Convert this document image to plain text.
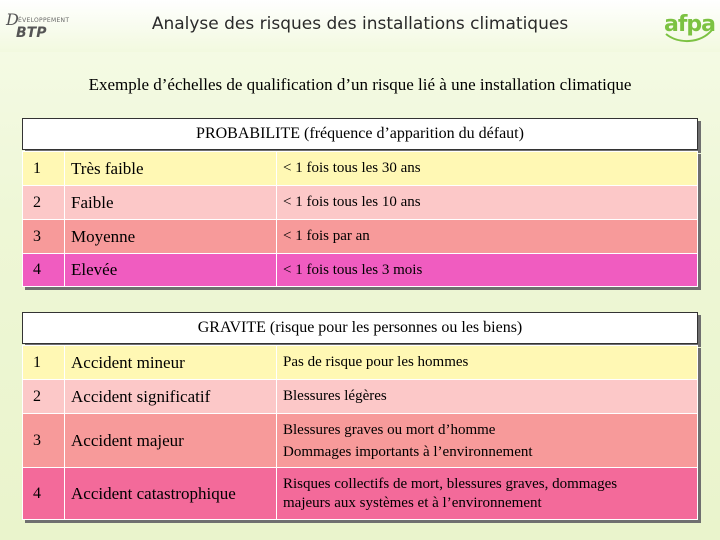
D ÉVELOPPEMENT
BTP	Analyse des risques des installations climatiques	afpa
Exemple d’échelles de qualification d’un risque lié à une installation climatique
PROBABILITE (fréquence d’apparition du défaut)
1	Très faible	< 1 fois tous les 30 ans
2	Faible	< 1 fois tous les 10 ans
3	Moyenne	< 1 fois par an
4	Elevée	< 1 fois tous les 3 mois
GRAVITE (risque pour les personnes ou les biens)
1	Accident mineur	Pas de risque pour les hommes
2	Accident significatif	Blessures légères
3	Accident majeur	Blessures graves ou mort d’homme
Dommages importants à l’environnement

4	Accident catastrophique	Risques collectifs de mort, blessures graves, dommages
majeurs aux systèmes et à l’environnement
